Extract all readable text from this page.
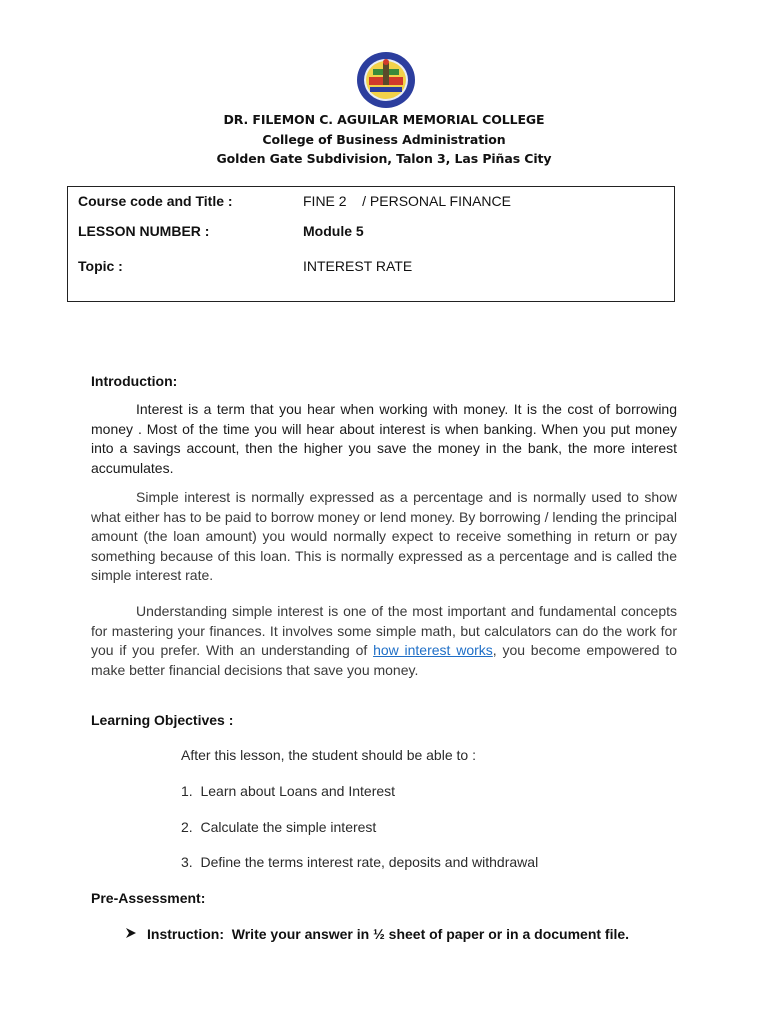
DR. FILEMON C. AGUILAR MEMORIAL COLLEGE
College of Business Administration
Golden Gate Subdivision, Talon 3, Las Piñas City
Course code and Title :	FINE 2    / PERSONAL FINANCE
LESSON NUMBER :	Module 5
Topic :	INTEREST RATE
Introduction:
Interest is a term that you hear when working with money. It is the cost of borrowing money . Most of the time you will hear about interest is when banking. When you put money into a savings account, then the higher you save the money in the bank, the more interest accumulates.
Simple interest is normally expressed as a percentage and is normally used to show what either has to be paid to borrow money or lend money. By borrowing / lending the principal amount (the loan amount) you would normally expect to receive something in return or pay something because of this loan. This is normally expressed as a percentage and is called the simple interest rate.
Understanding simple interest is one of the most important and fundamental concepts for mastering your finances. It involves some simple math, but calculators can do the work for you if you prefer. With an understanding of how interest works, you become empowered to make better financial decisions that save you money.
Learning Objectives :
After this lesson, the student should be able to :
1.  Learn about Loans and Interest
2.  Calculate the simple interest
3.  Define the terms interest rate, deposits and withdrawal
Pre-Assessment:
Instruction:  Write your answer in ½ sheet of paper or in a document file.
